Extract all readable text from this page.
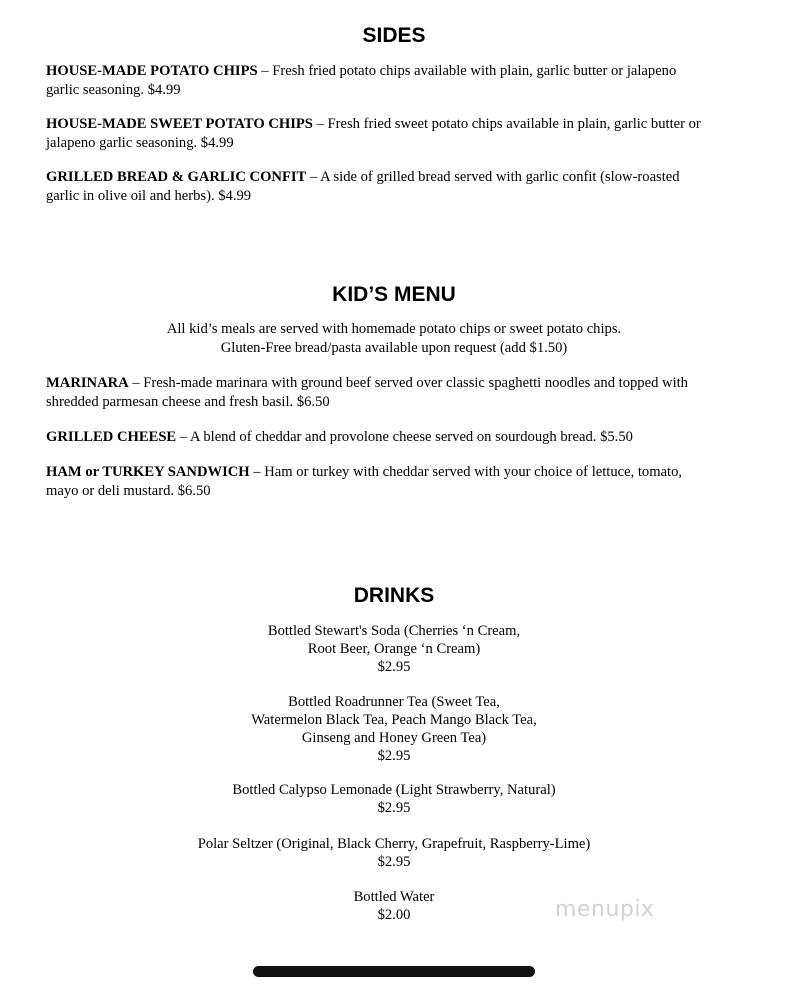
SIDES

HOUSE-MADE POTATO CHIPS – Fresh fried potato chips available with plain, garlic butter or jalapeno
garlic seasoning. $4.99

HOUSE-MADE SWEET POTATO CHIPS – Fresh fried sweet potato chips available in plain, garlic butter or
jalapeno garlic seasoning. $4.99

GRILLED BREAD & GARLIC CONFIT – A side of grilled bread served with garlic confit (slow-roasted
garlic in olive oil and herbs). $4.99

KID’S MENU

All kid’s meals are served with homemade potato chips or sweet potato chips.

Gluten-Free bread/pasta available upon request (add $1.50)

MARINARA – Fresh-made marinara with ground beef served over classic spaghetti noodles and topped with
shredded parmesan cheese and fresh basil. $6.50

GRILLED CHEESE – A blend of cheddar and provolone cheese served on sourdough bread. $5.50

HAM or TURKEY SANDWICH – Ham or turkey with cheddar served with your choice of lettuce, tomato,
mayo or deli mustard. $6.50

DRINKS
Bottled Stewart's Soda (Cherries ‘n Cream,
Root Beer, Orange ‘n Cream)
$2.95
Bottled Roadrunner Tea (Sweet Tea,
Watermelon Black Tea, Peach Mango Black Tea,
Ginseng and Honey Green Tea)
$2.95
Bottled Calypso Lemonade (Light Strawberry, Natural)
$2.95
Polar Seltzer (Original, Black Cherry, Grapefruit, Raspberry-Lime)
$2.95
Bottled Water
$2.00	menupix
